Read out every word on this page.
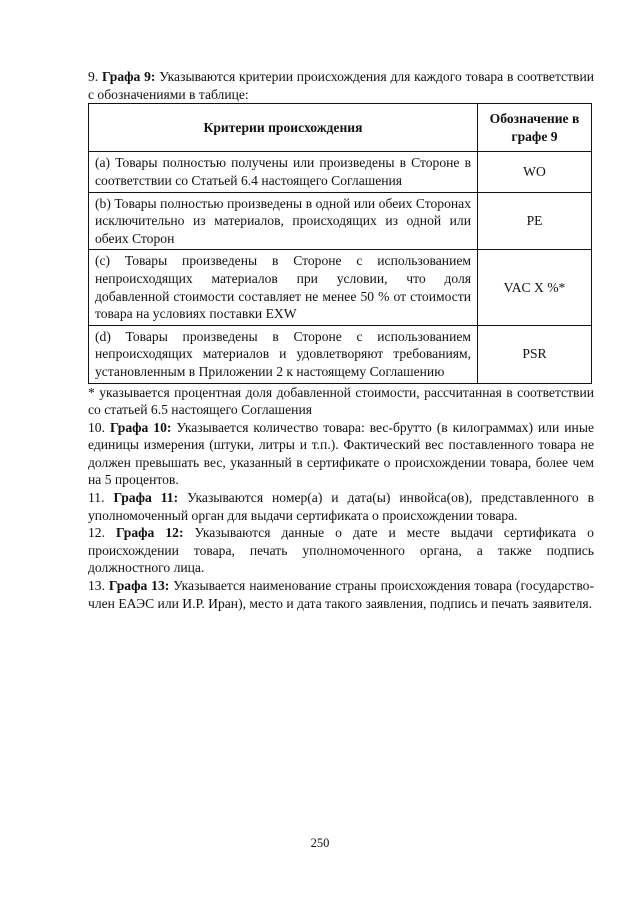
9. Графа 9: Указываются критерии происхождения для каждого товара в соответствии с обозначениями в таблице:

Критерии происхождения	Обозначение в графе 9
(a) Товары полностью получены или произведены в Стороне в соответствии со Статьей 6.4 настоящего Соглашения	WO
(b) Товары полностью произведены в одной или обеих Сторонах исключительно из материалов, происходящих из одной или обеих Сторон	PE
(c) Товары произведены в Стороне с использованием непроисходящих материалов при условии, что доля добавленной стоимости составляет не менее 50 % от стоимости товара на условиях поставки EXW	VAC X %*
(d) Товары произведены в Стороне с использованием непроисходящих материалов и удовлетворяют требованиям, установленным в Приложении 2 к настоящему Соглашению	PSR

* указывается процентная доля добавленной стоимости, рассчитанная в соответствии со статьей 6.5 настоящего Соглашения

10. Графа 10: Указывается количество товара: вес-брутто (в килограммах) или иные единицы измерения (штуки, литры и т.п.). Фактический вес поставленного товара не должен превышать вес, указанный в сертификате о происхождении товара, более чем на 5 процентов.

11. Графа 11: Указываются номер(а) и дата(ы) инвойса(ов), представленного в уполномоченный орган для выдачи сертификата о происхождении товара.

12. Графа 12: Указываются данные о дате и месте выдачи сертификата о происхождении товара, печать уполномоченного органа, а также подпись должностного лица.

13. Графа 13: Указывается наименование страны происхождения товара (государство-член ЕАЭС или И.Р. Иран), место и дата такого заявления, подпись и печать заявителя.

250
